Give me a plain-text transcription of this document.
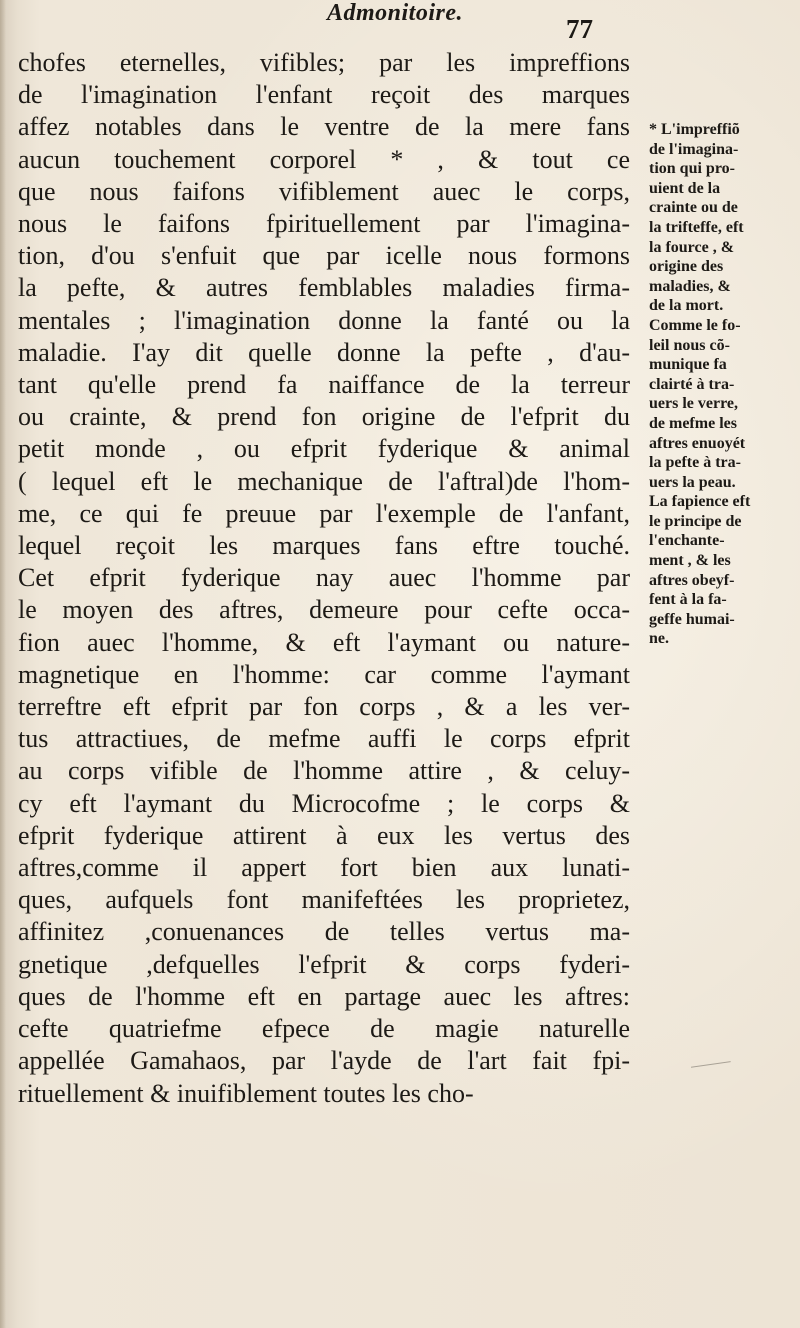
Admonitoire.
77
chofes eternelles, vifibles; par les impreffions
de l'imagination l'enfant reçoit des marques
affez notables dans le ventre de la mere fans
aucun touchement corporel * , & tout ce
que nous faifons vifiblement auec le corps,
nous le faifons fpirituellement par l'imagina-
tion, d'ou s'enfuit que par icelle nous formons
la pefte, & autres femblables maladies firma-
mentales ; l'imagination donne la fanté ou la
maladie. I'ay dit quelle donne la pefte , d'au-
tant qu'elle prend fa naiffance de la terreur
ou crainte, & prend fon origine de l'efprit du
petit monde , ou efprit fyderique & animal
( lequel eft le mechanique de l'aftral)de l'hom-
me, ce qui fe preuue par l'exemple de l'anfant,
lequel reçoit les marques fans eftre touché.
Cet efprit fyderique nay auec l'homme par
le moyen des aftres, demeure pour cefte occa-
fion auec l'homme, & eft l'aymant ou nature-
magnetique en l'homme: car comme l'aymant
terreftre eft efprit par fon corps , & a les ver-
tus attractiues, de mefme auffi le corps efprit
au corps vifible de l'homme attire , & celuy-
cy eft l'aymant du Microcofme ; le corps &
efprit fyderique attirent à eux les vertus des
aftres,comme il appert fort bien aux lunati-
ques, aufquels font manifeftées les proprietez,
affinitez ,conuenances de telles vertus ma-
gnetique ,defquelles l'efprit & corps fyderi-
ques de l'homme eft en partage auec les aftres:
cefte quatriefme efpece de magie naturelle
appellée Gamahaos, par l'ayde de l'art fait fpi-
rituellement & inuifiblement toutes les cho-
* L'impreffiõ
de l'imagina-
tion qui pro-
uient de la
crainte ou de
la trifteffe, eft
la fource , &
origine des
maladies, &
de la mort.
Comme le fo-
leil nous cõ-
munique fa
clairté à tra-
uers le verre,
de mefme les
aftres enuoyét
la pefte à tra-
uers la peau.
La fapience eft
le principe de
l'enchante-
ment , & les
aftres obeyf-
fent à la fa-
geffe humai-
ne.
